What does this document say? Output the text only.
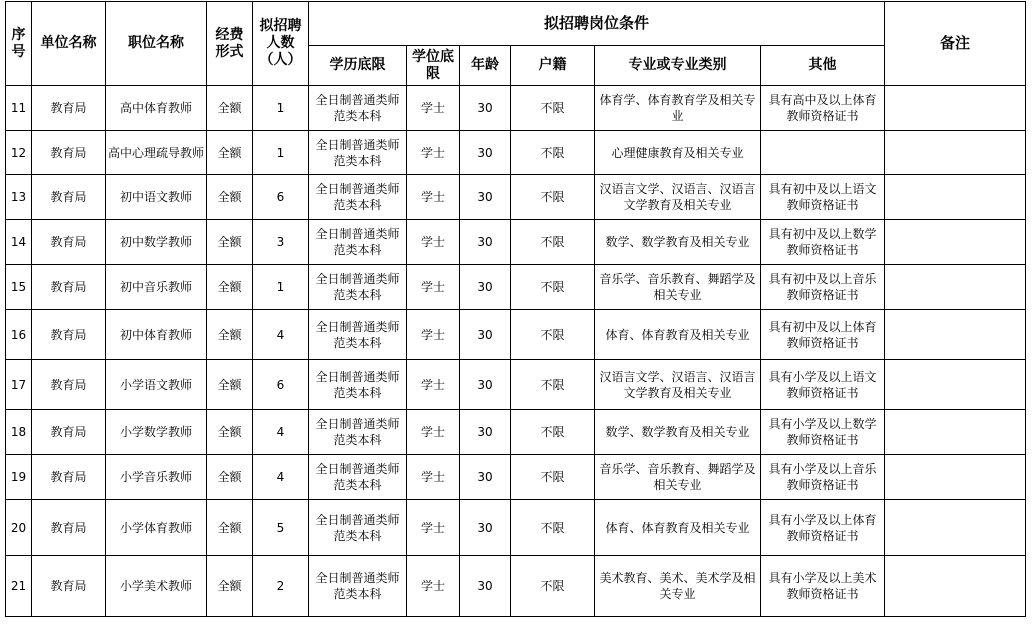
序号	单位名称	职位名称	经费形式	拟招聘人数（人）	拟招聘岗位条件						备注
					学历底限	学位底限	年龄	户籍	专业或专业类别	其他	
11	教育局	高中体育教师	全额	1	全日制普通类师范类本科	学士	30	不限	体育学、体育教育学及相关专业	具有高中及以上体育教师资格证书	
12	教育局	高中心理疏导教师	全额	1	全日制普通类师范类本科	学士	30	不限	心理健康教育及相关专业		
13	教育局	初中语文教师	全额	6	全日制普通类师范类本科	学士	30	不限	汉语言文学、汉语言、汉语言文学教育及相关专业	具有初中及以上语文教师资格证书	
14	教育局	初中数学教师	全额	3	全日制普通类师范类本科	学士	30	不限	数学、数学教育及相关专业	具有初中及以上数学教师资格证书	
15	教育局	初中音乐教师	全额	1	全日制普通类师范类本科	学士	30	不限	音乐学、音乐教育、舞蹈学及相关专业	具有初中及以上音乐教师资格证书	
16	教育局	初中体育教师	全额	4	全日制普通类师范类本科	学士	30	不限	体育、体育教育及相关专业	具有初中及以上体育教师资格证书	
17	教育局	小学语文教师	全额	6	全日制普通类师范类本科	学士	30	不限	汉语言文学、汉语言、汉语言文学教育及相关专业	具有小学及以上语文教师资格证书	
18	教育局	小学数学教师	全额	4	全日制普通类师范类本科	学士	30	不限	数学、数学教育及相关专业	具有小学及以上数学教师资格证书	
19	教育局	小学音乐教师	全额	4	全日制普通类师范类本科	学士	30	不限	音乐学、音乐教育、舞蹈学及相关专业	具有小学及以上音乐教师资格证书	
20	教育局	小学体育教师	全额	5	全日制普通类师范类本科	学士	30	不限	体育、体育教育及相关专业	具有小学及以上体育教师资格证书	
21	教育局	小学美术教师	全额	2	全日制普通类师范类本科	学士	30	不限	美术教育、美术、美术学及相关专业	具有小学及以上美术教师资格证书	
